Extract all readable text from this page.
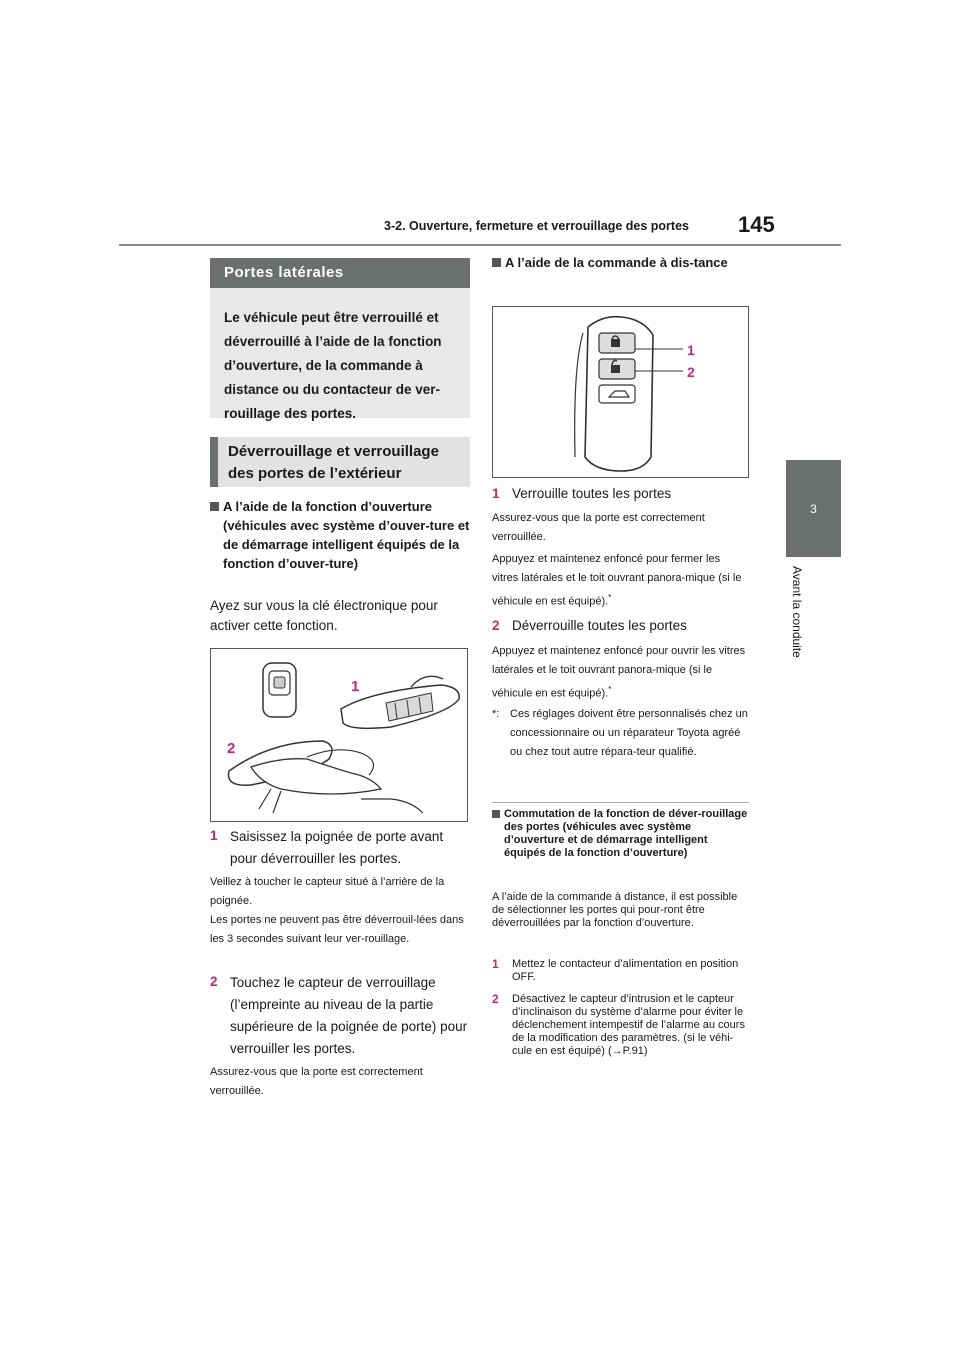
3-2. Ouverture, fermeture et verrouillage des portes 145
3
Avant la conduite
Portes latérales
Le véhicule peut être verrouillé et déverrouillé à l’aide de la fonction d’ouverture, de la commande à distance ou du contacteur de ver-rouillage des portes.
Déverrouillage et verrouillage des portes de l’extérieur
A l’aide de la fonction d’ouverture (véhicules avec système d’ouver-ture et de démarrage intelligent équipés de la fonction d’ouver-ture)
Ayez sur vous la clé électronique pour activer cette fonction.
1
2
1 Saisissez la poignée de porte avant pour déverrouiller les portes.
Veillez à toucher le capteur situé à l’arrière de la poignée.
Les portes ne peuvent pas être déverrouil-lées dans les 3 secondes suivant leur ver-rouillage.
2 Touchez le capteur de verrouillage (l’empreinte au niveau de la partie supérieure de la poignée de porte) pour verrouiller les portes.
Assurez-vous que la porte est correctement verrouillée.
A l’aide de la commande à dis-tance
1
2
1 Verrouille toutes les portes
Assurez-vous que la porte est correctement verrouillée.
Appuyez et maintenez enfoncé pour fermer les vitres latérales et le toit ouvrant panora-mique (si le véhicule en est équipé).*
2 Déverrouille toutes les portes
Appuyez et maintenez enfoncé pour ouvrir les vitres latérales et le toit ouvrant panora-mique (si le véhicule en est équipé).*
*: Ces réglages doivent être personnalisés chez un concessionnaire ou un réparateur Toyota agréé ou chez tout autre répara-teur qualifié.
Commutation de la fonction de déver-rouillage des portes (véhicules avec système d’ouverture et de démarrage intelligent équipés de la fonction d’ouverture)
A l’aide de la commande à distance, il est possible de sélectionner les portes qui pour-ront être déverrouillées par la fonction d’ouverture.
1	Mettez le contacteur d’alimentation en position OFF.
2	Désactivez le capteur d’intrusion et le capteur d’inclinaison du système d’alarme pour éviter le déclenchement intempestif de l’alarme au cours de la modification des paramètres. (si le véhi-cule en est équipé) (→P.91)
